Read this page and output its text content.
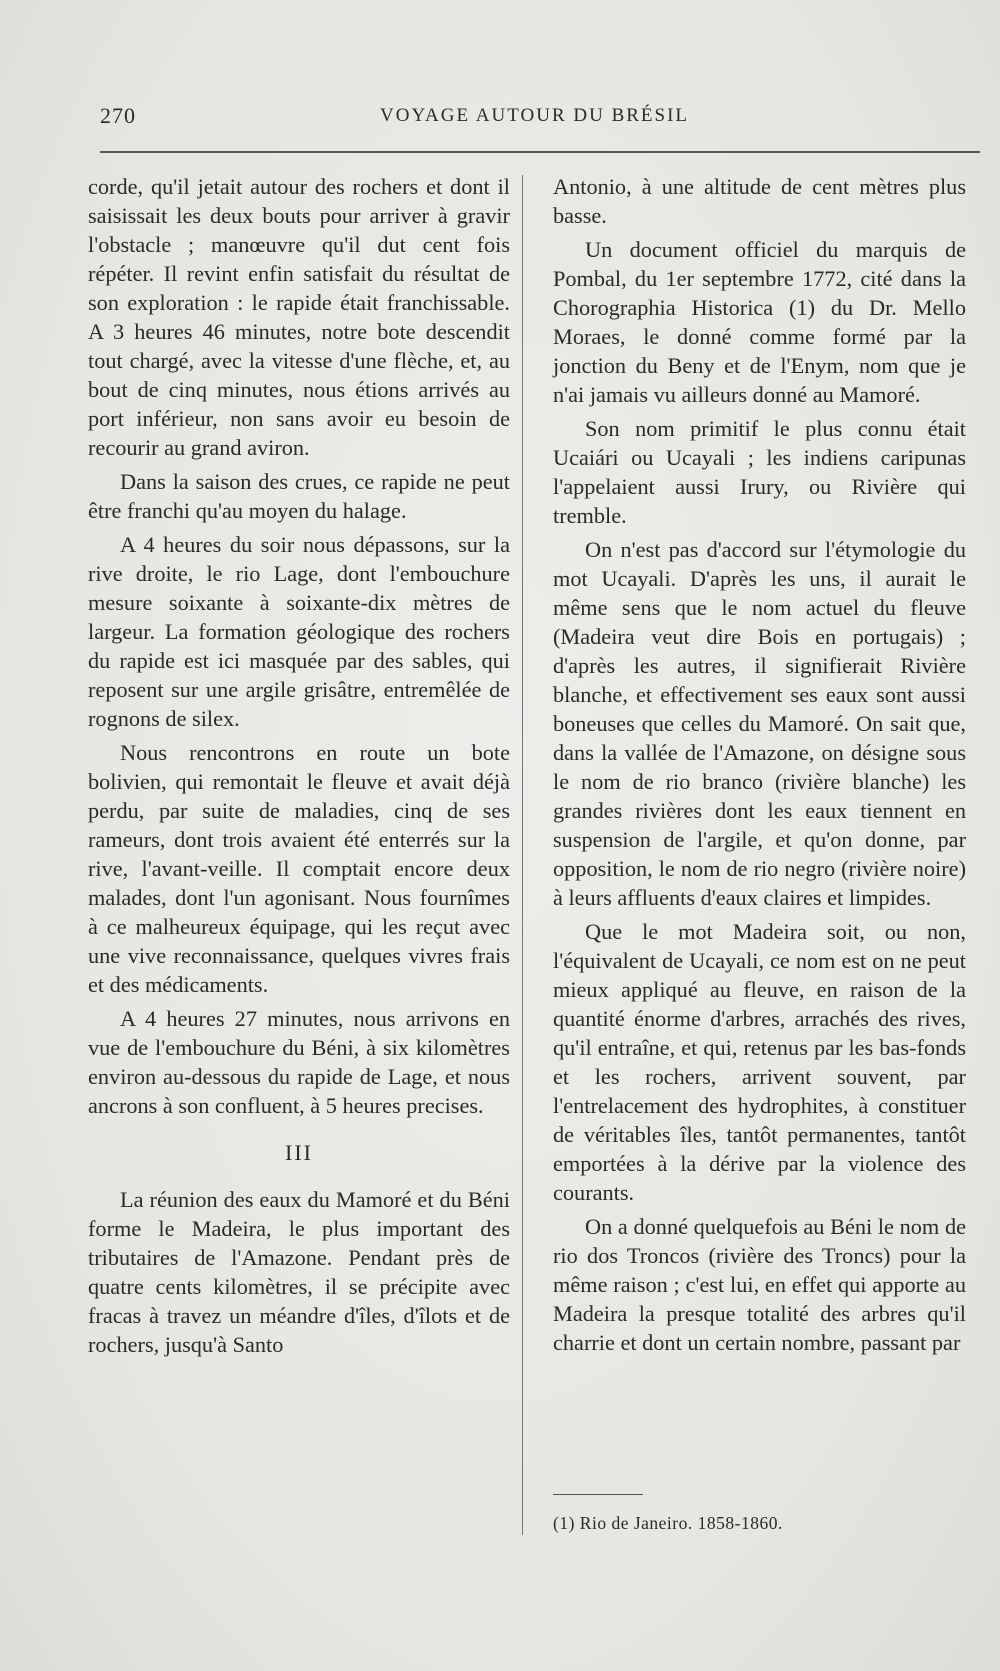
270	VOYAGE AUTOUR DU BRÉSIL

corde, qu'il jetait autour des rochers et dont il saisissait les deux bouts pour arriver à gravir l'obstacle ; manœuvre qu'il dut cent fois répéter. Il revint enfin satisfait du résultat de son exploration : le rapide était franchissable. A 3 heures 46 minutes, notre bote descendit tout chargé, avec la vitesse d'une flèche, et, au bout de cinq minutes, nous étions arrivés au port inférieur, non sans avoir eu besoin de recourir au grand aviron.

Dans la saison des crues, ce rapide ne peut être franchi qu'au moyen du halage.

A 4 heures du soir nous dépassons, sur la rive droite, le rio Lage, dont l'embouchure mesure soixante à soixante-dix mètres de largeur. La formation géologique des rochers du rapide est ici masquée par des sables, qui reposent sur une argile grisâtre, entremêlée de rognons de silex.

Nous rencontrons en route un bote bolivien, qui remontait le fleuve et avait déjà perdu, par suite de maladies, cinq de ses rameurs, dont trois avaient été enterrés sur la rive, l'avant-veille. Il comptait encore deux malades, dont l'un agonisant. Nous fournîmes à ce malheureux équipage, qui les reçut avec une vive reconnaissance, quelques vivres frais et des médicaments.

A 4 heures 27 minutes, nous arrivons en vue de l'embouchure du Béni, à six kilomètres environ au-dessous du rapide de Lage, et nous ancrons à son confluent, à 5 heures precises.

III

La réunion des eaux du Mamoré et du Béni forme le Madeira, le plus important des tributaires de l'Amazone. Pendant près de quatre cents kilomètres, il se précipite avec fracas à travez un méandre d'îles, d'îlots et de rochers, jusqu'à Santo

Antonio, à une altitude de cent mètres plus basse.

Un document officiel du marquis de Pombal, du 1er septembre 1772, cité dans la Chorographia Historica (1) du Dr. Mello Moraes, le donné comme formé par la jonction du Beny et de l'Enym, nom que je n'ai jamais vu ailleurs donné au Mamoré.

Son nom primitif le plus connu était Ucaiári ou Ucayali ; les indiens caripunas l'appelaient aussi Irury, ou Rivière qui tremble.

On n'est pas d'accord sur l'étymologie du mot Ucayali. D'après les uns, il aurait le même sens que le nom actuel du fleuve (Madeira veut dire Bois en portugais) ; d'après les autres, il signifierait Rivière blanche, et effectivement ses eaux sont aussi boneuses que celles du Mamoré. On sait que, dans la vallée de l'Amazone, on désigne sous le nom de rio branco (rivière blanche) les grandes rivières dont les eaux tiennent en suspension de l'argile, et qu'on donne, par opposition, le nom de rio negro (rivière noire) à leurs affluents d'eaux claires et limpides.

Que le mot Madeira soit, ou non, l'équivalent de Ucayali, ce nom est on ne peut mieux appliqué au fleuve, en raison de la quantité énorme d'arbres, arrachés des rives, qu'il entraîne, et qui, retenus par les bas-fonds et les rochers, arrivent souvent, par l'entrelacement des hydrophites, à constituer de véritables îles, tantôt permanentes, tantôt emportées à la dérive par la violence des courants.

On a donné quelquefois au Béni le nom de rio dos Troncos (rivière des Troncs) pour la même raison ; c'est lui, en effet qui apporte au Madeira la presque totalité des arbres qu'il charrie et dont un certain nombre, passant par

(1) Rio de Janeiro. 1858-1860.
